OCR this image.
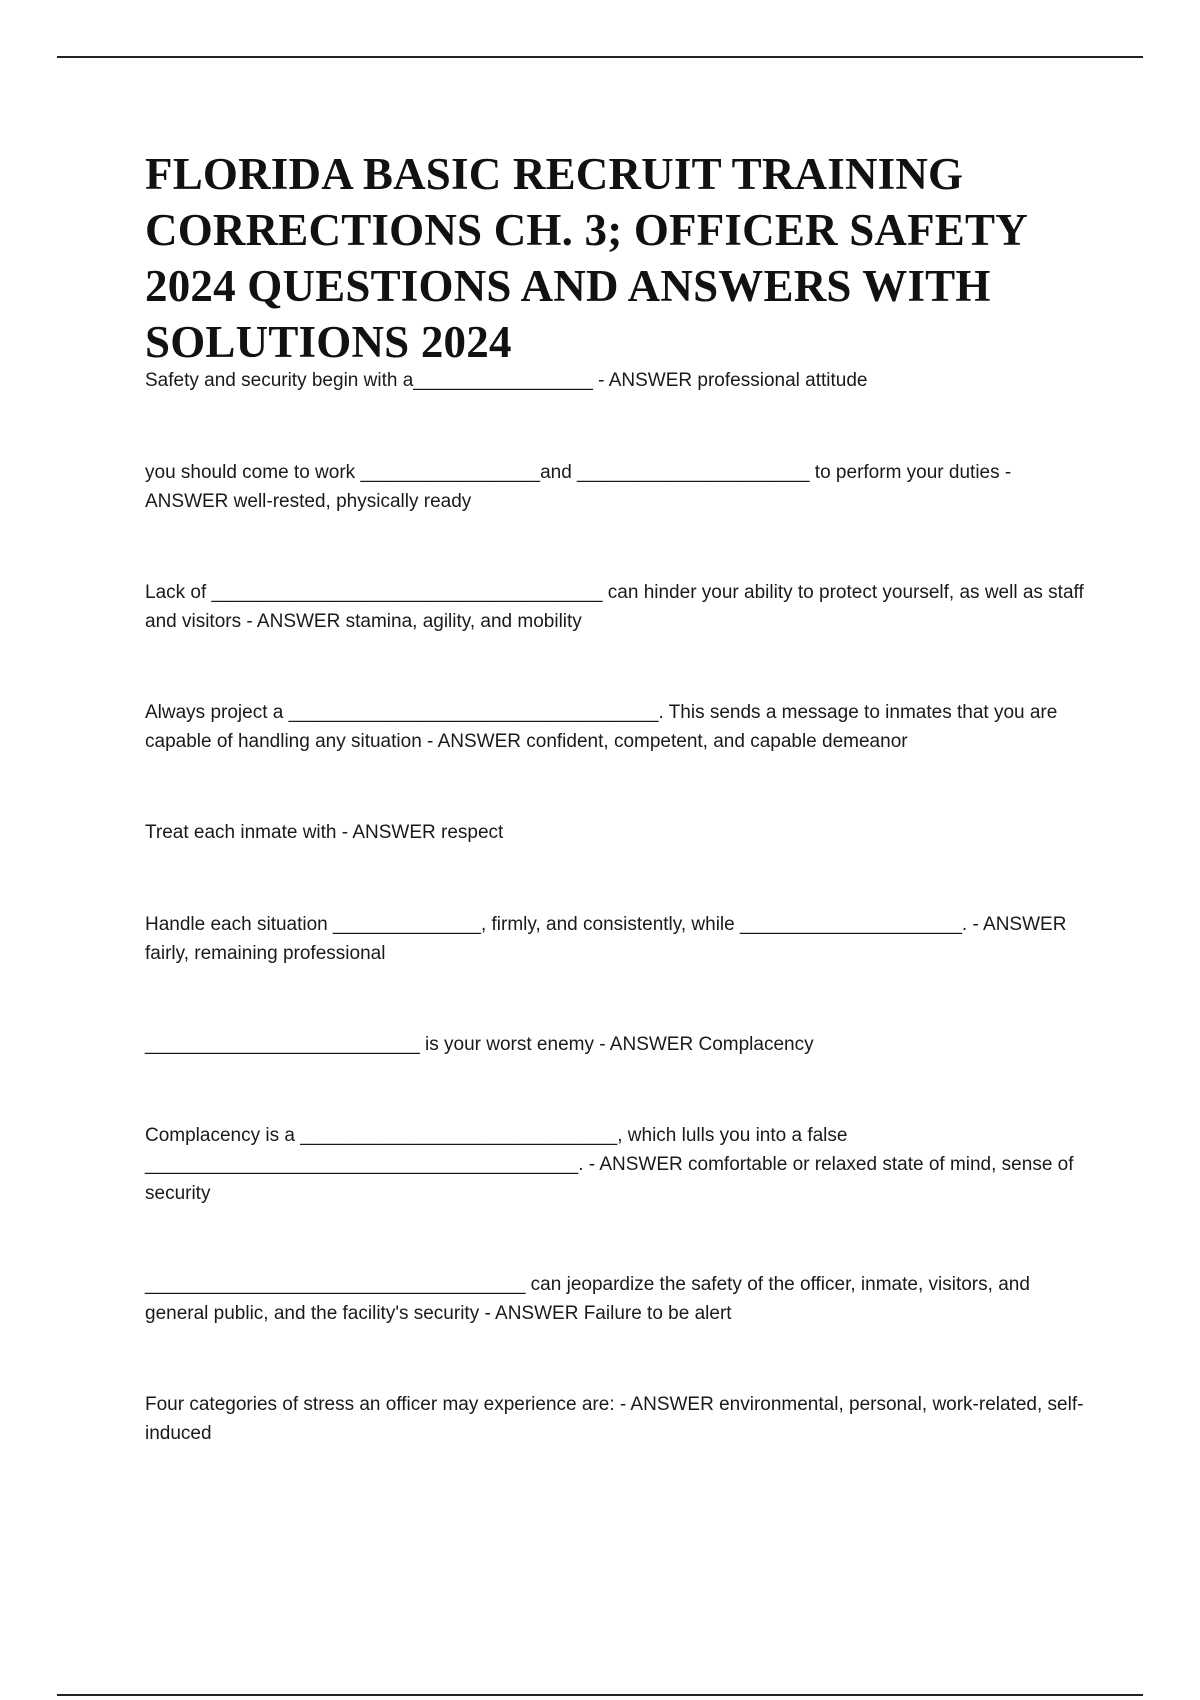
FLORIDA BASIC RECRUIT TRAINING CORRECTIONS CH. 3; OFFICER SAFETY 2024 QUESTIONS AND ANSWERS WITH SOLUTIONS 2024

Safety and security begin with a_________________ - ANSWER professional attitude

you should come to work _________________and ______________________ to perform your duties - ANSWER well-rested, physically ready

Lack of _____________________________________ can hinder your ability to protect yourself, as well as staff and visitors - ANSWER stamina, agility, and mobility

Always project a ___________________________________. This sends a message to inmates that you are capable of handling any situation - ANSWER confident, competent, and capable demeanor

Treat each inmate with - ANSWER respect

Handle each situation ______________, firmly, and consistently, while _____________________. - ANSWER fairly, remaining professional

__________________________ is your worst enemy - ANSWER Complacency

Complacency is a ______________________________, which lulls you into a false _________________________________________. - ANSWER comfortable or relaxed state of mind, sense of security

____________________________________ can jeopardize the safety of the officer, inmate, visitors, and general public, and the facility's security - ANSWER Failure to be alert

Four categories of stress an officer may experience are: - ANSWER environmental, personal, work-related, self-induced
